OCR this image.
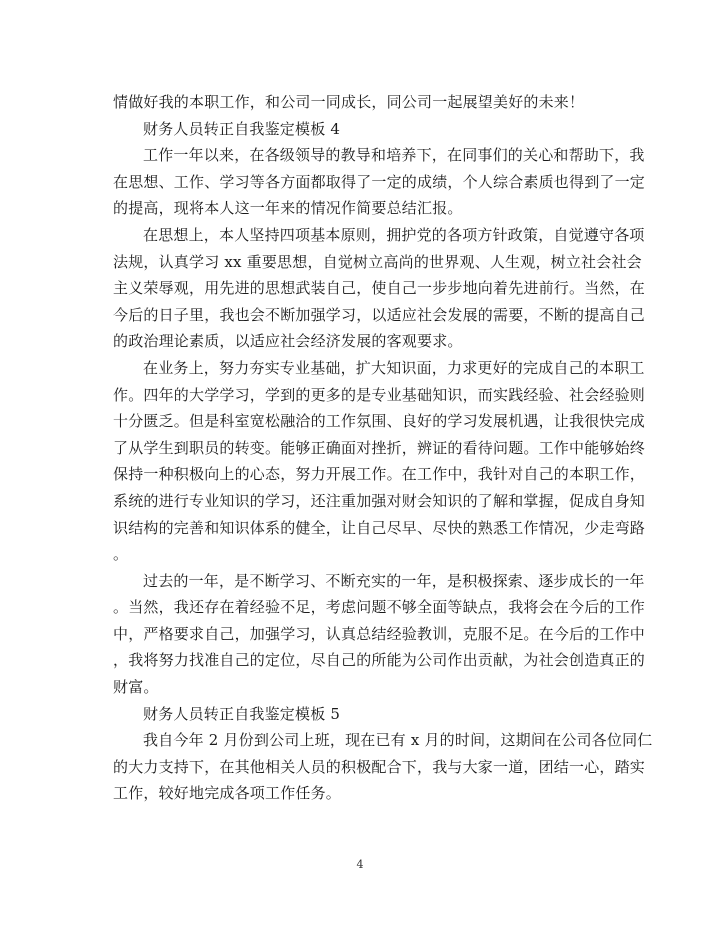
情做好我的本职工作，和公司一同成长，同公司一起展望美好的未来！
财务人员转正自我鉴定模板 4
工作一年以来，在各级领导的教导和培养下，在同事们的关心和帮助下，我
在思想、工作、学习等各方面都取得了一定的成绩，个人综合素质也得到了一定
的提高，现将本人这一年来的情况作简要总结汇报。
在思想上，本人坚持四项基本原则，拥护党的各项方针政策，自觉遵守各项
法规，认真学习 xx 重要思想，自觉树立高尚的世界观、人生观，树立社会社会
主义荣辱观，用先进的思想武装自己，使自己一步步地向着先进前行。当然，在
今后的日子里，我也会不断加强学习，以适应社会发展的需要，不断的提高自己
的政治理论素质，以适应社会经济发展的客观要求。
在业务上，努力夯实专业基础，扩大知识面，力求更好的完成自己的本职工
作。四年的大学学习，学到的更多的是专业基础知识，而实践经验、社会经验则
十分匮乏。但是科室宽松融洽的工作氛围、良好的学习发展机遇，让我很快完成
了从学生到职员的转变。能够正确面对挫折，辨证的看待问题。工作中能够始终
保持一种积极向上的心态，努力开展工作。在工作中，我针对自己的本职工作，
系统的进行专业知识的学习，还注重加强对财会知识的了解和掌握，促成自身知
识结构的完善和知识体系的健全，让自己尽早、尽快的熟悉工作情况，少走弯路
。
过去的一年，是不断学习、不断充实的一年，是积极探索、逐步成长的一年
。当然，我还存在着经验不足，考虑问题不够全面等缺点，我将会在今后的工作
中，严格要求自己，加强学习，认真总结经验教训，克服不足。在今后的工作中
，我将努力找准自己的定位，尽自己的所能为公司作出贡献，为社会创造真正的
财富。
财务人员转正自我鉴定模板 5
我自今年 2 月份到公司上班，现在已有 x 月的时间，这期间在公司各位同仁
的大力支持下，在其他相关人员的积极配合下，我与大家一道，团结一心，踏实
工作，较好地完成各项工作任务。
4
